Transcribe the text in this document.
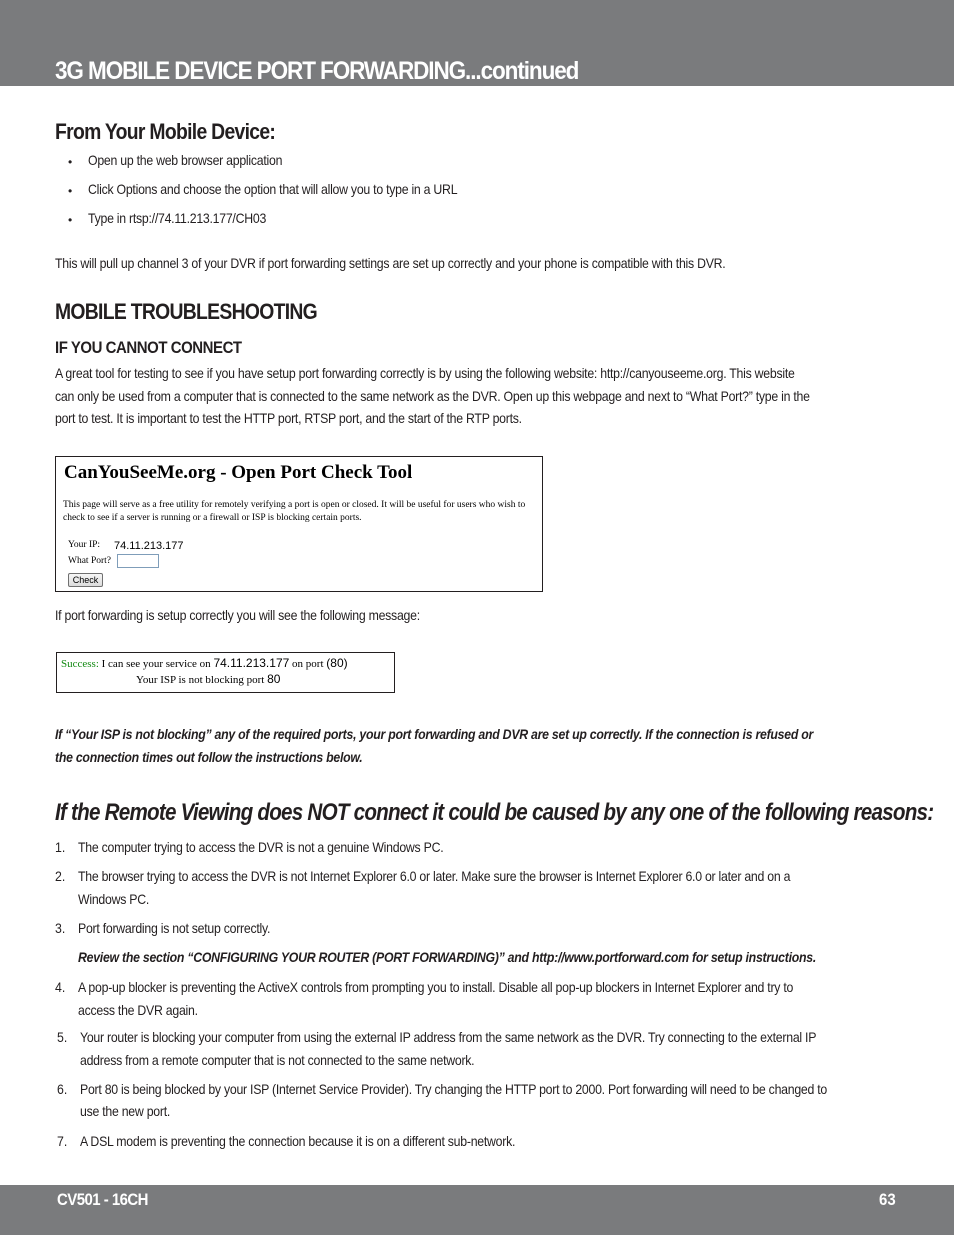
3G MOBILE DEVICE PORT FORWARDING...continued
From Your Mobile Device:
• Open up the web browser application
• Click Options and choose the option that will allow you to type in a URL
• Type in rtsp://74.11.213.177/CH03
This will pull up channel 3 of your DVR if port forwarding settings are set up correctly and your phone is compatible with this DVR.
MOBILE TROUBLESHOOTING
IF YOU CANNOT CONNECT
A great tool for testing to see if you have setup port forwarding correctly is by using the following website: http://canyouseeme.org. This website
can only be used from a computer that is connected to the same network as the DVR. Open up this webpage and next to “What Port?” type in the
port to test. It is important to test the HTTP port, RTSP port, and the start of the RTP ports.
CanYouSeeMe.org - Open Port Check Tool
This page will serve as a free utility for remotely verifying a port is open or closed. It will be useful for users who wish to check to see if a server is running or a firewall or ISP is blocking certain ports.
Your IP: 74.11.213.177
What Port?
Check
If port forwarding is setup correctly you will see the following message:
Success: I can see your service on 74.11.213.177 on port (80)
Your ISP is not blocking port 80
If “Your ISP is not blocking” any of the required ports, your port forwarding and DVR are set up correctly. If the connection is refused or
the connection times out follow the instructions below.
If the Remote Viewing does NOT connect it could be caused by any one of the following reasons:
1. The computer trying to access the DVR is not a genuine Windows PC.
2. The browser trying to access the DVR is not Internet Explorer 6.0 or later. Make sure the browser is Internet Explorer 6.0 or later and on a
Windows PC.
3. Port forwarding is not setup correctly.
Review the section “CONFIGURING YOUR ROUTER (PORT FORWARDING)” and http://www.portforward.com for setup instructions.
4. A pop-up blocker is preventing the ActiveX controls from prompting you to install. Disable all pop-up blockers in Internet Explorer and try to
access the DVR again.
5. Your router is blocking your computer from using the external IP address from the same network as the DVR. Try connecting to the external IP
address from a remote computer that is not connected to the same network.
6. Port 80 is being blocked by your ISP (Internet Service Provider). Try changing the HTTP port to 2000. Port forwarding will need to be changed to
use the new port.
7. A DSL modem is preventing the connection because it is on a different sub-network.
CV501 - 16CH	63
